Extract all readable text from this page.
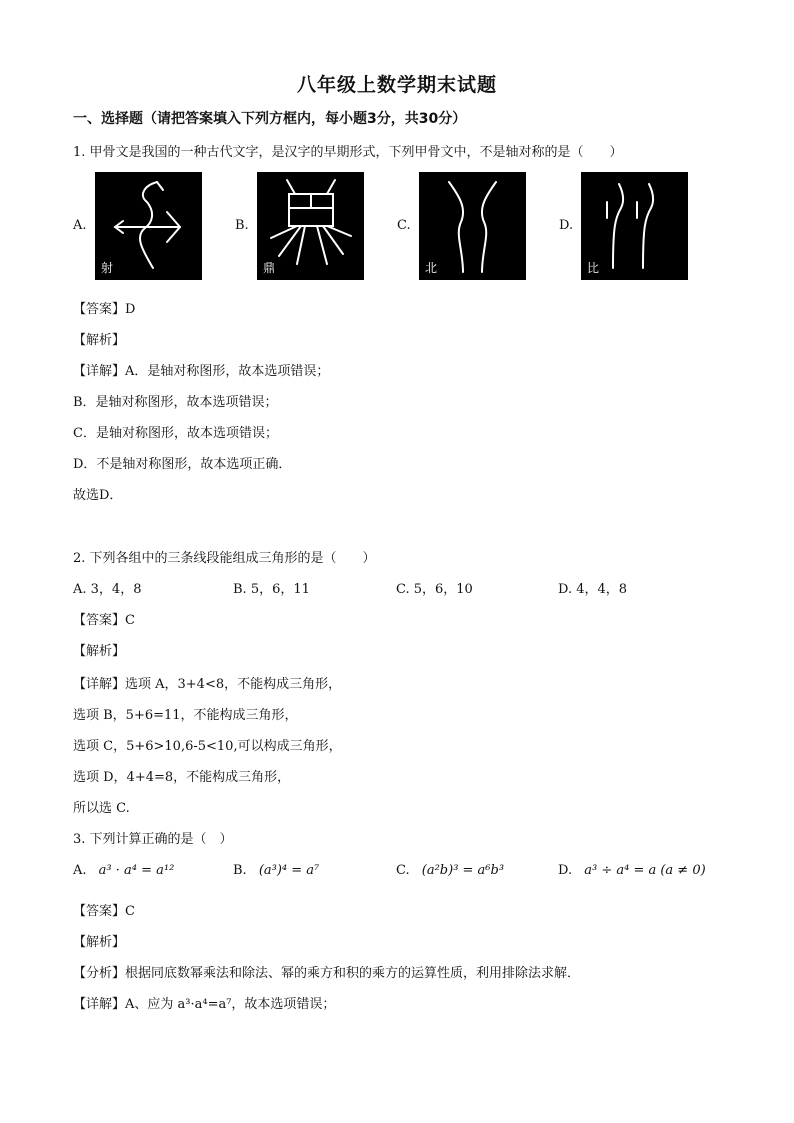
八年级上数学期末试题
一、选择题（请把答案填入下列方框内，每小题3分，共30分）
1. 甲骨文是我国的一种古代文字，是汉字的早期形式，下列甲骨文中，不是轴对称的是（　　）
A.
射
B.
鼎
C.
北
D.
比
【答案】D
【解析】
【详解】A．是轴对称图形，故本选项错误；
B．是轴对称图形，故本选项错误；
C．是轴对称图形，故本选项错误；
D．不是轴对称图形，故本选项正确．
故选D．
2. 下列各组中的三条线段能组成三角形的是（　　）
A. 3，4，8	B. 5，6，11	C. 5，6，10	D. 4，4，8
【答案】C
【解析】
【详解】选项 A，3+4<8，不能构成三角形，
选项 B，5+6=11，不能构成三角形，
选项 C，5+6>10,6-5<10,可以构成三角形，
选项 D，4+4=8，不能构成三角形，
所以选 C.
3. 下列计算正确的是（　）
A. a³ · a⁴ = a¹²	B. (a³)⁴ = a⁷	C. (a²b)³ = a⁶b³	D. a³ ÷ a⁴ = a (a ≠ 0)
【答案】C
【解析】
【分析】根据同底数幂乘法和除法、幂的乘方和积的乘方的运算性质，利用排除法求解．
【详解】A、应为 a³·a⁴=a⁷，故本选项错误；
